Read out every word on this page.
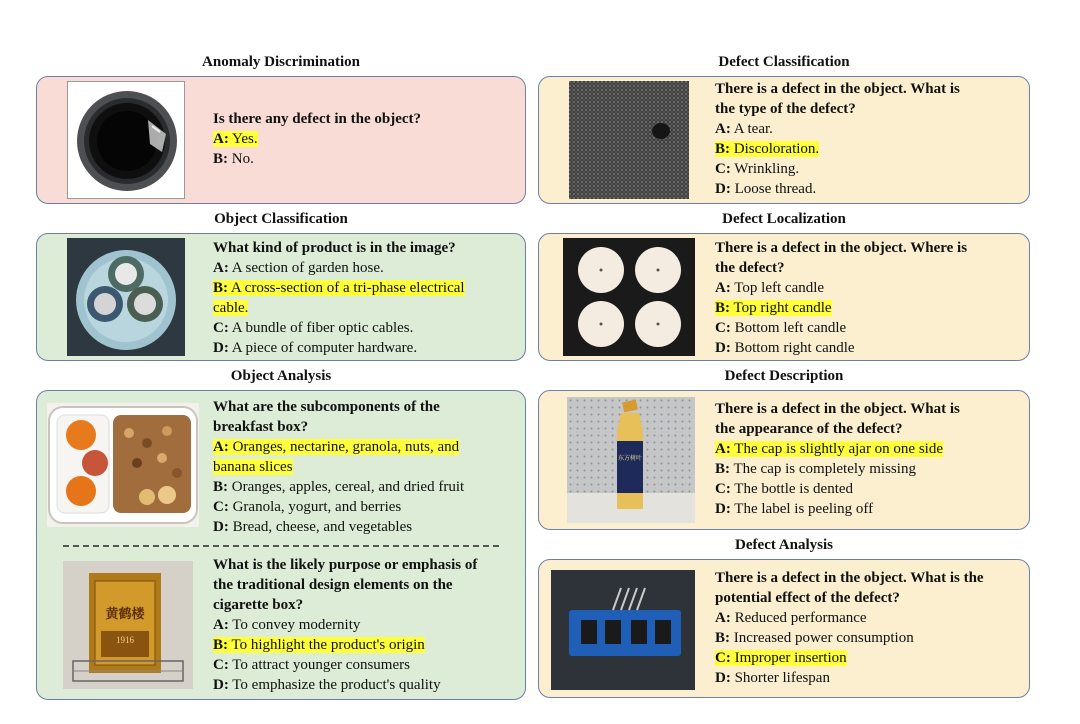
Anomaly Discrimination
Is there any defect in the object?
A: Yes.
B: No.
Object Classification
What kind of product is in the image?
A: A section of garden hose.
B: A cross-section of a tri-phase electrical
cable.
C: A bundle of fiber optic cables.
D: A piece of computer hardware.
Object Analysis
What are the subcomponents of the
breakfast box?
A: Oranges, nectarine, granola, nuts, and
banana slices
B: Oranges, apples, cereal, and dried fruit
C: Granola, yogurt, and berries
D: Bread, cheese, and vegetables
黄鹤楼
1916
What is the likely purpose or emphasis of
the traditional design elements on the
cigarette box?
A: To convey modernity
B: To highlight the product's origin
C: To attract younger consumers
D: To emphasize the product's quality
Defect Classification
There is a defect in the object. What is
the type of the defect?
A: A tear.
B: Discoloration.
C: Wrinkling.
D: Loose thread.
Defect Localization
There is a defect in the object. Where is
the defect?
A: Top left candle
B: Top right candle
C: Bottom left candle
D: Bottom right candle
Defect Description
东方树叶
There is a defect in the object. What is
the appearance of the defect?
A: The cap is slightly ajar on one side
B: The cap is completely missing
C: The bottle is dented
D: The label is peeling off
Defect Analysis
There is a defect in the object. What is the
potential effect of the defect?
A: Reduced performance
B: Increased power consumption
C: Improper insertion
D: Shorter lifespan
